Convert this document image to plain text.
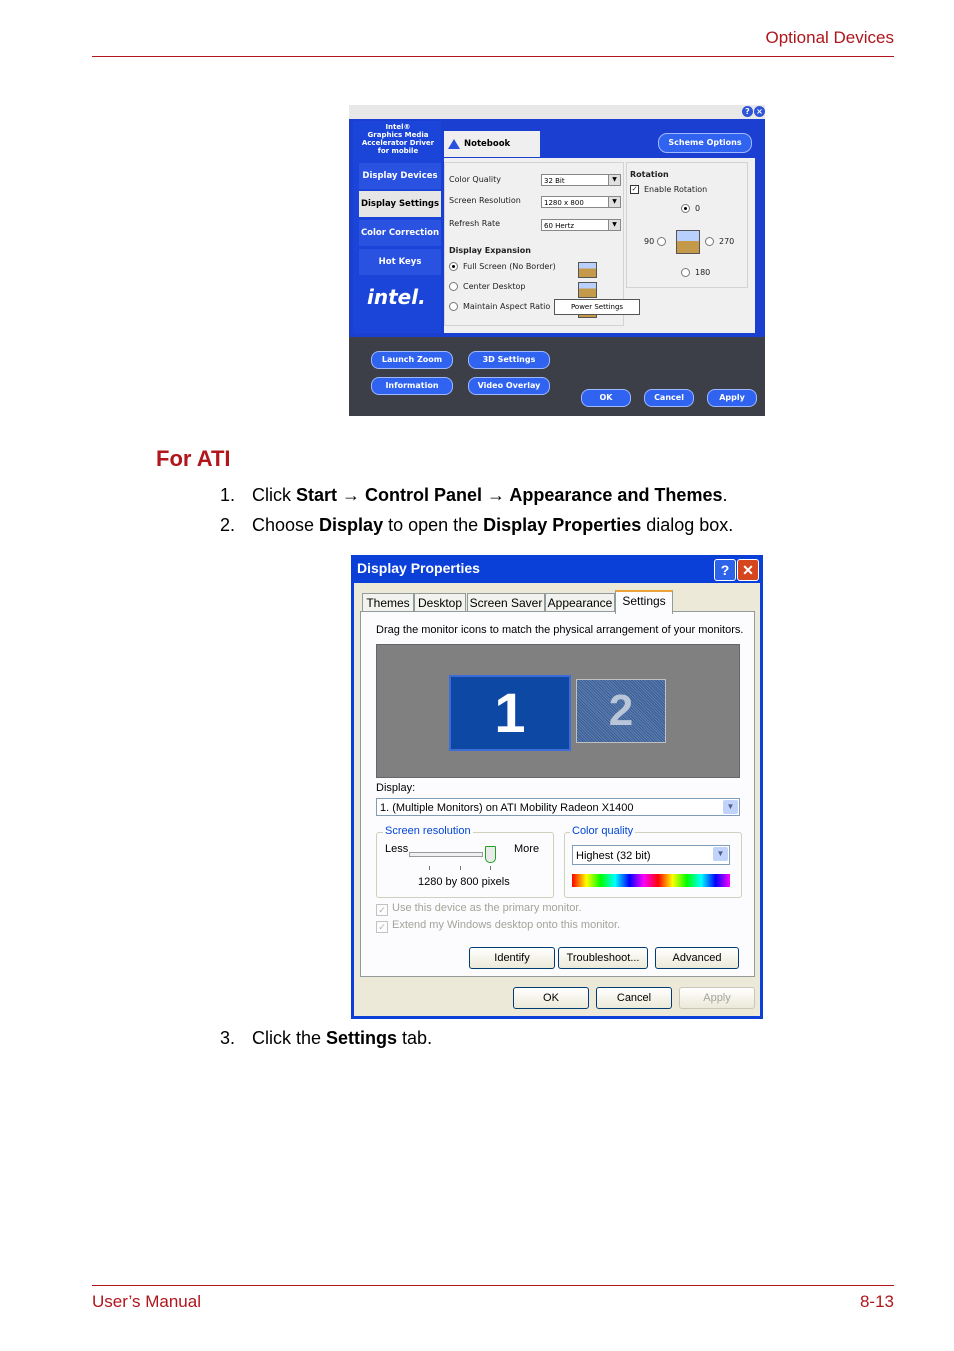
Optional Devices
User’s Manual	8-13
? ×
Intel®
Graphics Media
Accelerator Driver
for mobile
Display Devices
Display Settings
Color Correction
Hot Keys
intel.
Notebook	Scheme Options
Color Quality	32 Bit	▼
Screen Resolution	1280 x 800	▼
Refresh Rate	60 Hertz	▼
Display Expansion
Full Screen (No Border)
Center Desktop
Maintain Aspect Ratio
Rotation
✓ Enable Rotation
0
90	270
180
Power Settings
Launch Zoom	3D Settings
Information	Video Overlay
OK	Cancel	Apply
For ATI
1. Click Start → Control Panel → Appearance and Themes.
2. Choose Display to open the Display Properties dialog box.
Display Properties	? ✕
Themes Desktop Screen Saver Appearance Settings
Drag the monitor icons to match the physical arrangement of your monitors.
1	2
Display:
1. (Multiple Monitors) on ATI Mobility Radeon X1400	▼
Screen resolution
Less	More
1280 by 800 pixels
Color quality
Highest (32 bit)	▼
✓ Use this device as the primary monitor.
✓ Extend my Windows desktop onto this monitor.
Identify	Troubleshoot...	Advanced
OK	Cancel	Apply
3. Click the Settings tab.
